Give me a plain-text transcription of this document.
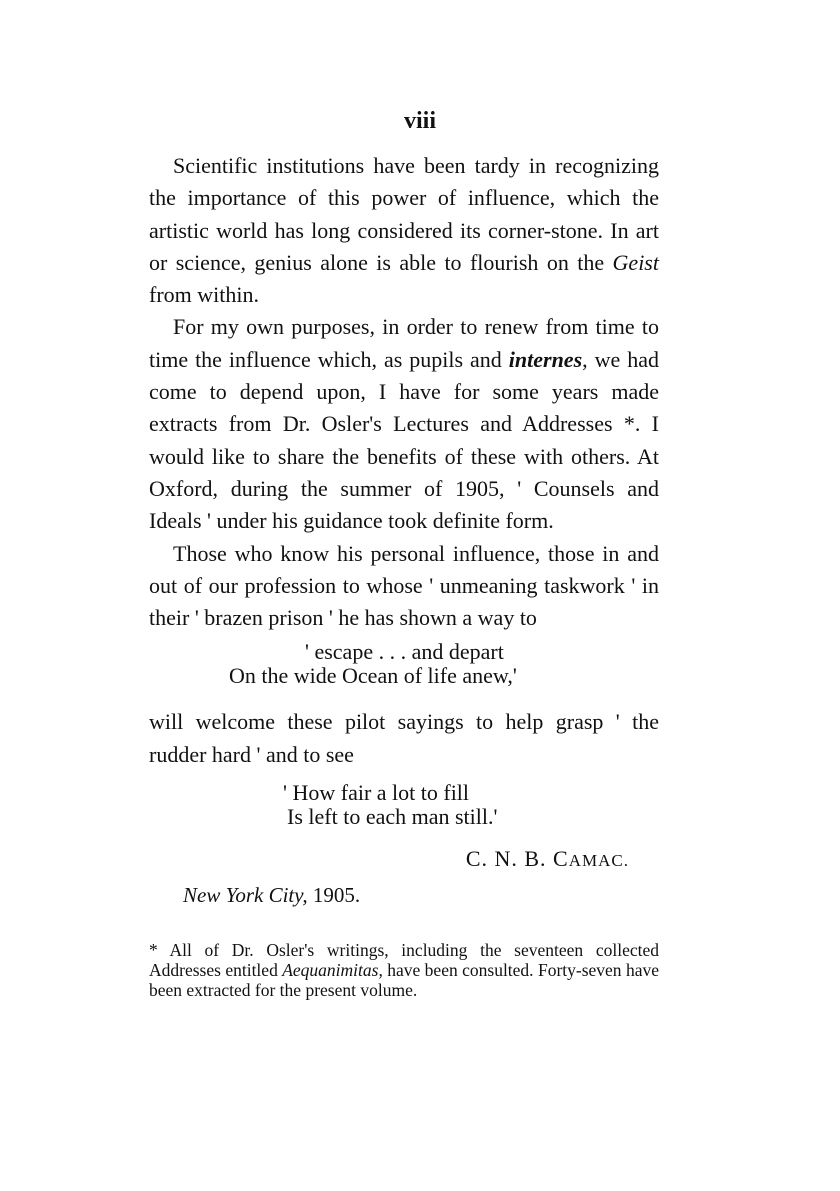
viii

Scientific institutions have been tardy in recognizing the importance of this power of influence, which the artistic world has long considered its corner-stone. In art or science, genius alone is able to flourish on the Geist from within.

For my own purposes, in order to renew from time to time the influence which, as pupils and internes, we had come to depend upon, I have for some years made extracts from Dr. Osler's Lectures and Addresses *. I would like to share the benefits of these with others. At Oxford, during the summer of 1905, ' Counsels and Ideals ' under his guidance took definite form.

Those who know his personal influence, those in and out of our profession to whose ' unmeaning taskwork ' in their ' brazen prison ' he has shown a way to

' escape . . . and depart
On the wide Ocean of life anew,'

will welcome these pilot sayings to help grasp ' the rudder hard ' and to see

' How fair a lot to fill
Is left to each man still.'
C. N. B. CAMAC.
New York City, 1905.
* All of Dr. Osler's writings, including the seventeen collected Addresses entitled Aequanimitas, have been consulted. Forty-seven have been extracted for the present volume.
